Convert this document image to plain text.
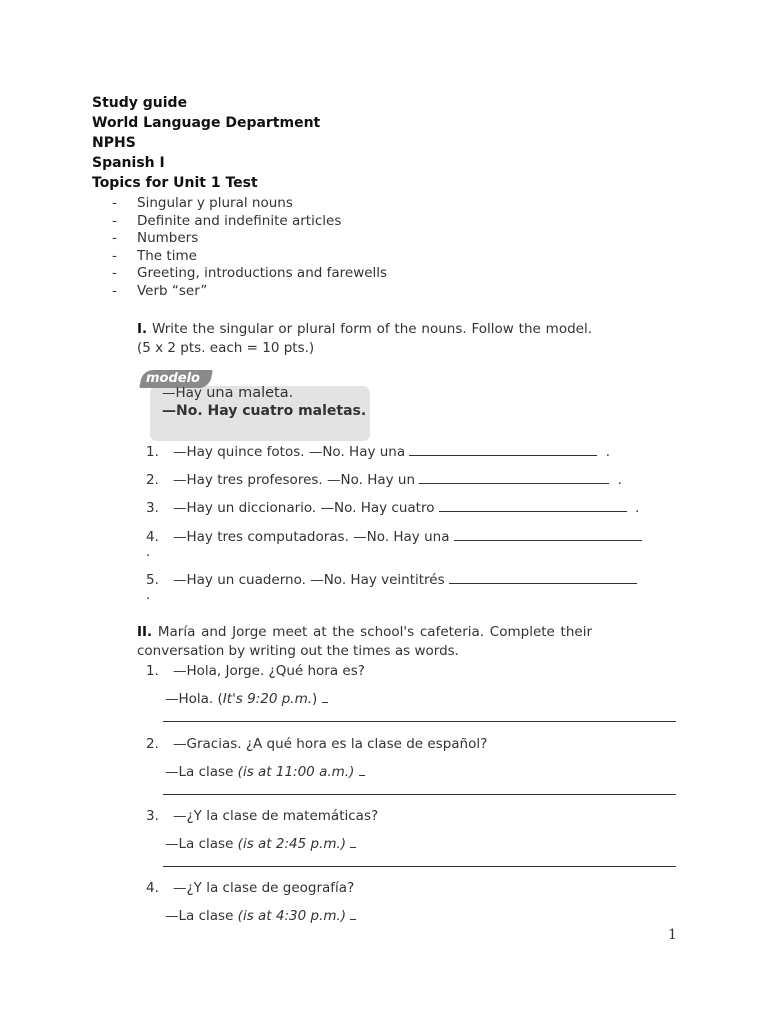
Study guide
World Language Department
NPHS
Spanish I
Topics for Unit 1 Test
-	Singular y plural nouns
-	Definite and indefinite articles
-	Numbers
-	The time
-	Greeting, introductions and farewells
-	Verb “ser”
I. Write the singular or plural form of the nouns. Follow the model. (5 x 2 pts. each = 10 pts.)
modelo
—Hay una maleta.
—No. Hay cuatro maletas.
1. —Hay quince fotos. —No. Hay una	.
2. —Hay tres profesores. —No. Hay un	.
3. —Hay un diccionario. —No. Hay cuatro	.
4. —Hay tres computadoras. —No. Hay una
.
5. —Hay un cuaderno. —No. Hay veintitrés
.
II. María and Jorge meet at the school's cafeteria. Complete their conversation by writing out the times as words.
1. —Hola, Jorge. ¿Qué hora es?
—Hola. (It's 9:20 p.m.)
2. —Gracias. ¿A qué hora es la clase de español?
—La clase (is at 11:00 a.m.)
3. —¿Y la clase de matemáticas?
—La clase (is at 2:45 p.m.)
4. —¿Y la clase de geografía?
—La clase (is at 4:30 p.m.)
1
